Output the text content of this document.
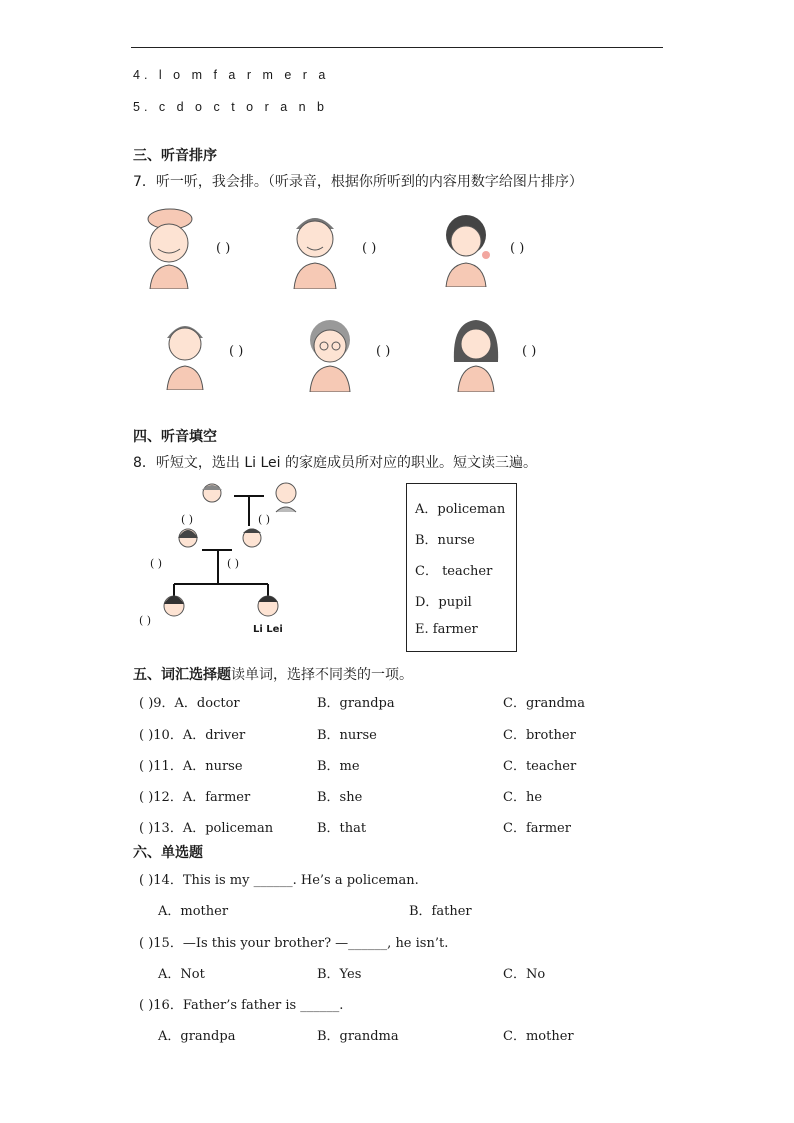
4. l o m f a r m e r a
5. c d o c t o r a n b
三、听音排序
7．听一听，我会排。（听录音，根据你所听到的内容用数字给图片排序）
( )	( )	( )
( )	( )	( )
四、听音填空
8．听短文，选出 Li Lei 的家庭成员所对应的职业。短文读三遍。
( )	( )
( )	( )
( )
Li Lei
A．policeman
B．nurse
C． teacher
D．pupil
E. farmer
五、词汇选择题读单词，选择不同类的一项。
( )9．A．doctor	B．grandpa	C．grandma
( )10．A．driver	B．nurse	C．brother
( )11．A．nurse	B．me	C．teacher
( )12．A．farmer	B．she	C．he
( )13．A．policeman	B．that	C．farmer
六、单选题
( )14．This is my ______. He’s a policeman.
A．mother	B．father
( )15．—Is this your brother? —______, he isn’t.
A．Not	B．Yes	C．No
( )16．Father’s father is ______.
A．grandpa	B．grandma	C．mother
